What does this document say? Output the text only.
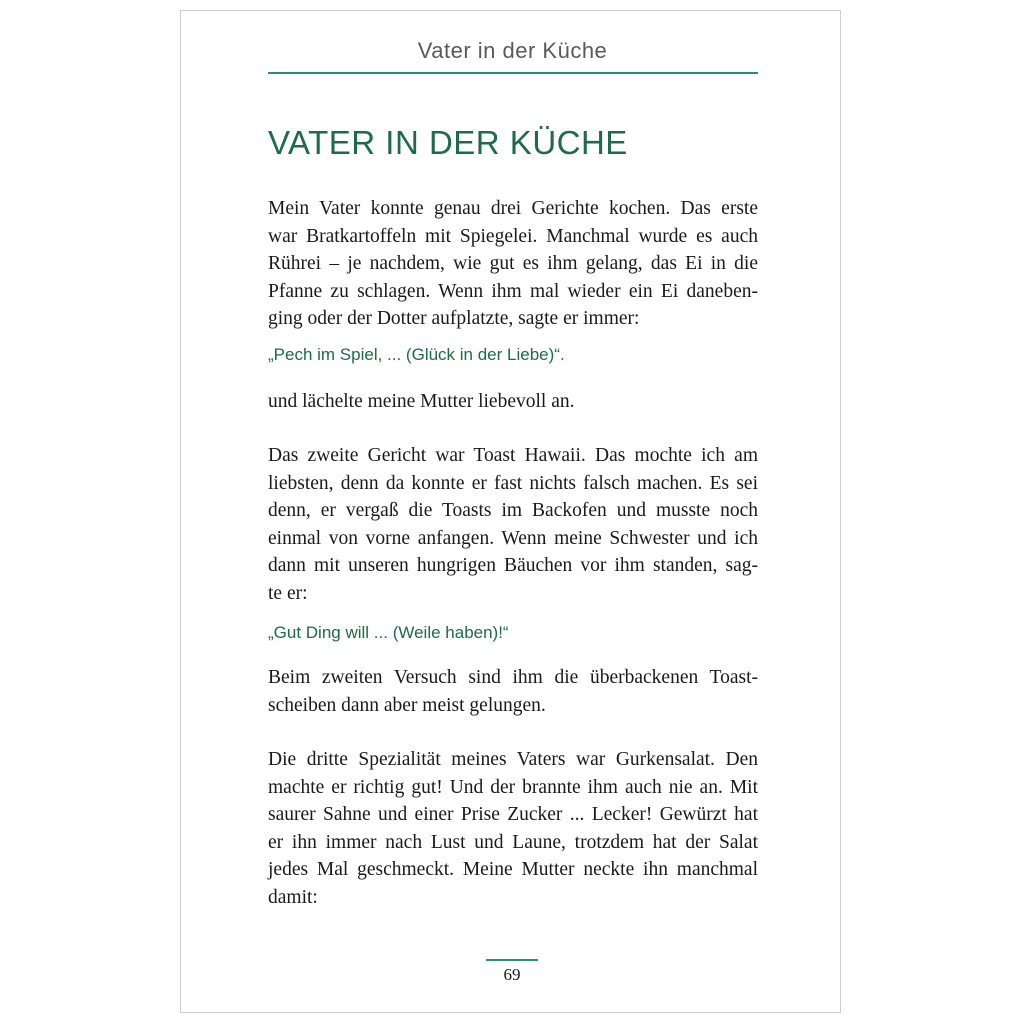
Vater in der Küche
VATER IN DER KÜCHE
Mein Vater konnte genau drei Gerichte kochen. Das erste
war Bratkartoffeln mit Spiegelei. Manchmal wurde es auch
Rührei – je nachdem, wie gut es ihm gelang, das Ei in die
Pfanne zu schlagen. Wenn ihm mal wieder ein Ei daneben-
ging oder der Dotter aufplatzte, sagte er immer:
„Pech im Spiel, ... (Glück in der Liebe)“.
und lächelte meine Mutter liebevoll an.
Das zweite Gericht war Toast Hawaii. Das mochte ich am
liebsten, denn da konnte er fast nichts falsch machen. Es sei
denn, er vergaß die Toasts im Backofen und musste noch
einmal von vorne anfangen. Wenn meine Schwester und ich
dann mit unseren hungrigen Bäuchen vor ihm standen, sag-
te er:
„Gut Ding will ... (Weile haben)!“
Beim zweiten Versuch sind ihm die überbackenen Toast-
scheiben dann aber meist gelungen.
Die dritte Spezialität meines Vaters war Gurkensalat. Den
machte er richtig gut! Und der brannte ihm auch nie an. Mit
saurer Sahne und einer Prise Zucker ... Lecker! Gewürzt hat
er ihn immer nach Lust und Laune, trotzdem hat der Salat
jedes Mal geschmeckt. Meine Mutter neckte ihn manchmal
damit:
69
